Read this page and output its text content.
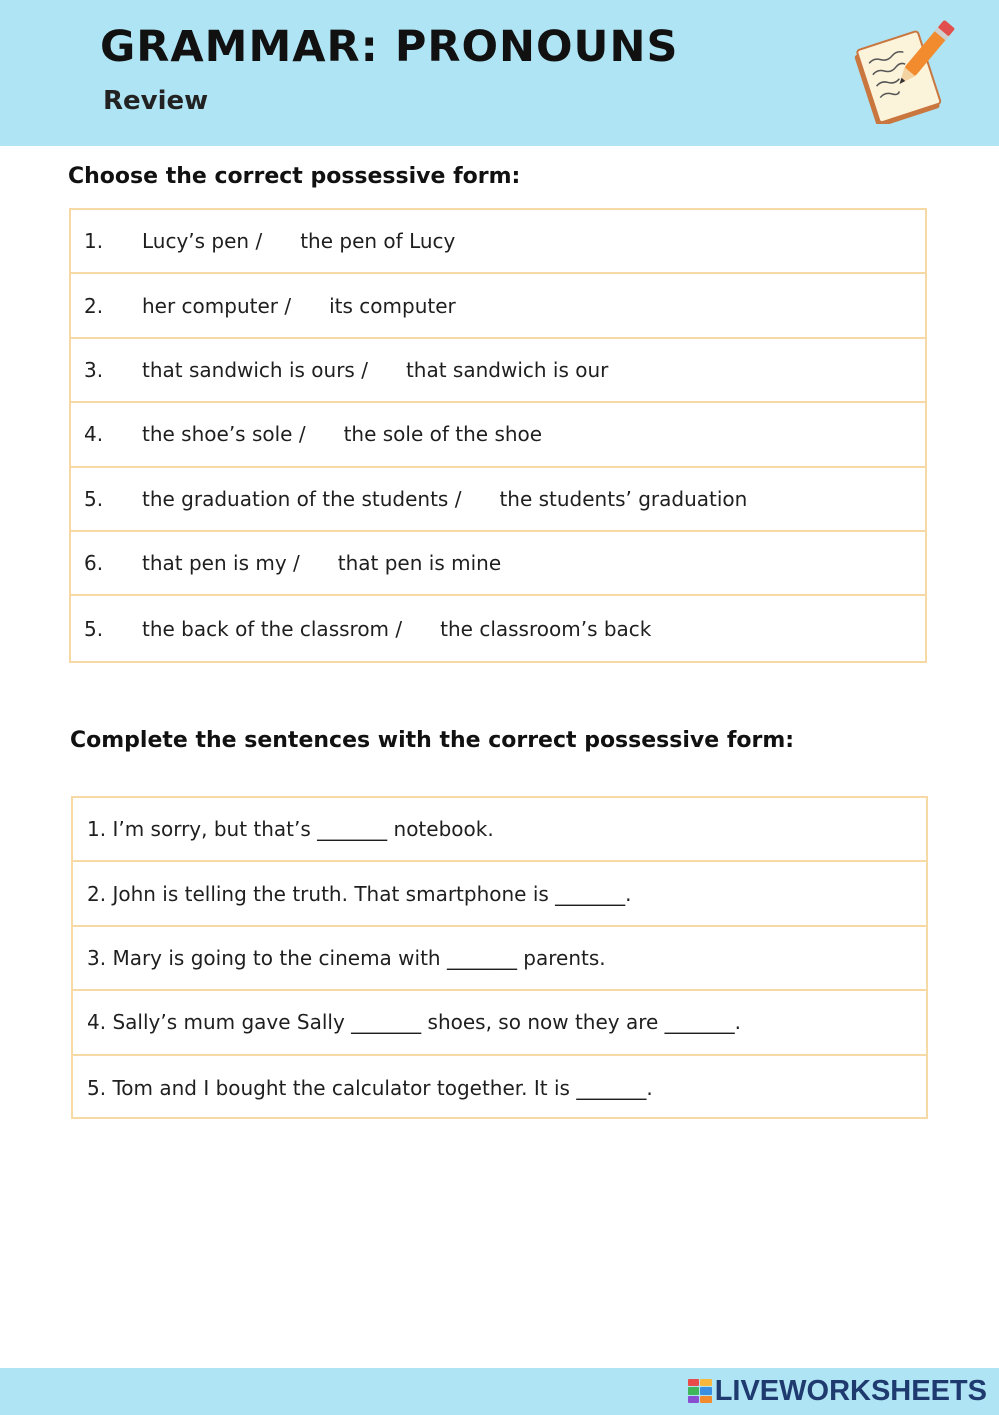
GRAMMAR: PRONOUNS

Review

Choose the correct possessive form:
1.	Lucy’s pen / the pen of Lucy
2.	her computer / its computer
3.	that sandwich is ours / that sandwich is our
4.	the shoe’s sole / the sole of the shoe
5.	the graduation of the students / the students’ graduation
6.	that pen is my / that pen is mine
5.	the back of the classrom / the classroom’s back
Complete the sentences with the correct possessive form:
1. I’m sorry, but that’s _______ notebook.
2. John is telling the truth. That smartphone is _______.
3. Mary is going to the cinema with _______ parents.
4. Sally’s mum gave Sally _______ shoes, so now they are _______.
5. Tom and I bought the calculator together. It is _______.
LIVEWORKSHEETS
